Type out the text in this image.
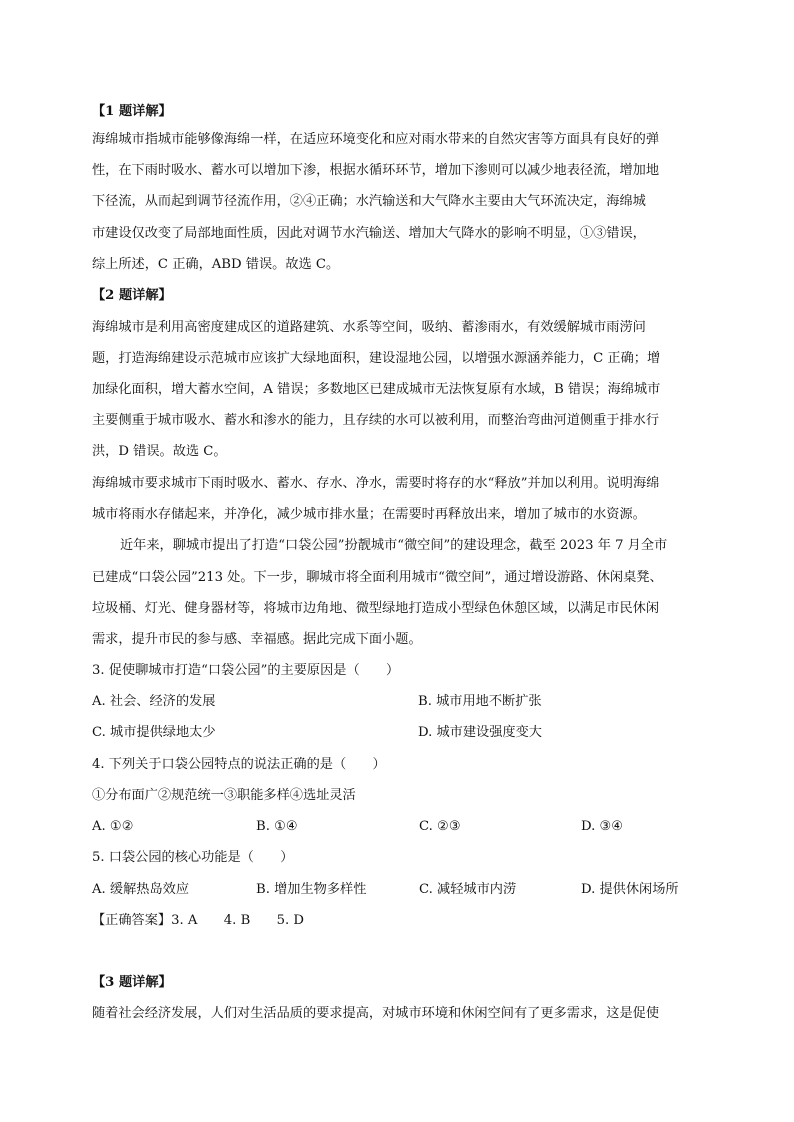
【1 题详解】
海绵城市指城市能够像海绵一样，在适应环境变化和应对雨水带来的自然灾害等方面具有良好的弹
性，在下雨时吸水、蓄水可以增加下渗，根据水循环环节，增加下渗则可以减少地表径流，增加地
下径流，从而起到调节径流作用，②④正确；水汽输送和大气降水主要由大气环流决定，海绵城
市建设仅改变了局部地面性质，因此对调节水汽输送、增加大气降水的影响不明显，①③错误，
综上所述，C 正确，ABD 错误。故选 C。
【2 题详解】
海绵城市是利用高密度建成区的道路建筑、水系等空间，吸纳、蓄渗雨水，有效缓解城市雨涝问
题，打造海绵建设示范城市应该扩大绿地面积，建设湿地公园，以增强水源涵养能力，C 正确；增
加绿化面积，增大蓄水空间，A 错误；多数地区已建成城市无法恢复原有水域，B 错误；海绵城市
主要侧重于城市吸水、蓄水和渗水的能力，且存续的水可以被利用，而整治弯曲河道侧重于排水行
洪，D 错误。故选 C。
海绵城市要求城市下雨时吸水、蓄水、存水、净水，需要时将存的水“释放”并加以利用。说明海绵
城市将雨水存储起来，并净化，减少城市排水量；在需要时再释放出来，增加了城市的水资源。
近年来，聊城市提出了打造“口袋公园”扮靓城市“微空间”的建设理念，截至 2023 年 7 月全市
已建成“口袋公园”213 处。下一步，聊城市将全面利用城市“微空间”，通过增设游路、休闲桌凳、
垃圾桶、灯光、健身器材等，将城市边角地、微型绿地打造成小型绿色休憩区域，以满足市民休闲
需求，提升市民的参与感、幸福感。据此完成下面小题。
3. 促使聊城市打造“口袋公园”的主要原因是（　　）
A. 社会、经济的发展	B. 城市用地不断扩张
C. 城市提供绿地太少	D. 城市建设强度变大
4. 下列关于口袋公园特点的说法正确的是（　　）
①分布面广②规范统一③职能多样④选址灵活
A. ①②	B. ①④	C. ②③	D. ③④
5. 口袋公园的核心功能是（　　）
A. 缓解热岛效应	B. 增加生物多样性	C. 减轻城市内涝	D. 提供休闲场所
【正确答案】3. A　　4. B　　5. D
【3 题详解】
随着社会经济发展，人们对生活品质的要求提高，对城市环境和休闲空间有了更多需求，这是促使
